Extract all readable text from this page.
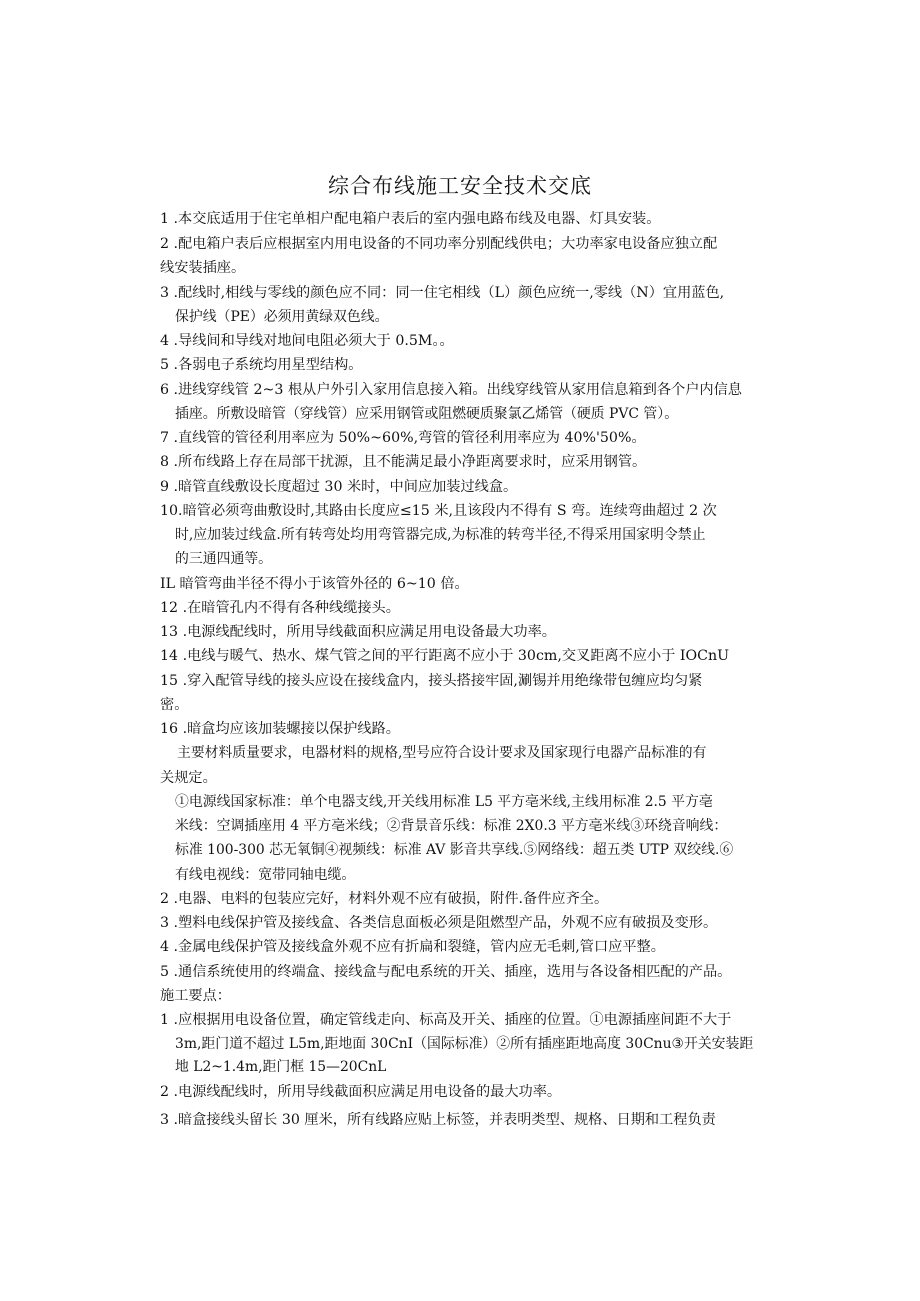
综合布线施工安全技术交底
1 .本交底适用于住宅单相户配电箱户表后的室内强电路布线及电器、灯具安装。
2 .配电箱户表后应根据室内用电设备的不同功率分别配线供电；大功率家电设备应独立配
线安装插座。
3 .配线时,相线与零线的颜色应不同：同一住宅相线（L）颜色应统一,零线（N）宜用蓝色,
保护线（PE）必须用黄绿双色线。
4 .导线间和导线对地间电阻必须大于 0.5M。。
5 .各弱电子系统均用星型结构。
6 .进线穿线管 2~3 根从户外引入家用信息接入箱。出线穿线管从家用信息箱到各个户内信息
插座。所敷设暗管（穿线管）应采用钢管或阻燃硬质聚氯乙烯管（硬质 PVC 管）。
7 .直线管的管径利用率应为 50%~60%,弯管的管径利用率应为 40%'50%。
8 .所布线路上存在局部干扰源，且不能满足最小净距离要求时，应采用钢管。
9 .暗管直线敷设长度超过 30 米时，中间应加装过线盒。
10.暗管必须弯曲敷设时,其路由长度应≤15 米,且该段内不得有 S 弯。连续弯曲超过 2 次
时,应加装过线盒.所有转弯处均用弯管器完成,为标准的转弯半径,不得采用国家明令禁止
的三通四通等。
IL 暗管弯曲半径不得小于该管外径的 6~10 倍。
12 .在暗管孔内不得有各种线缆接头。
13 .电源线配线时，所用导线截面积应满足用电设备最大功率。
14 .电线与暖气、热水、煤气管之间的平行距离不应小于 30cm,交叉距离不应小于 IOCnU
15 .穿入配管导线的接头应设在接线盒内，接头搭接牢固,涮锡并用绝缘带包缠应均匀紧
密。
16 .暗盒均应该加装螺接以保护线路。
主要材料质量要求，电器材料的规格,型号应符合设计要求及国家现行电器产品标准的有
关规定。
①电源线国家标准：单个电器支线,开关线用标准 L5 平方亳米线,主线用标准 2.5 平方亳
米线：空调插座用 4 平方亳米线；②背景音乐线：标准 2X0.3 平方亳米线③环绕音响线：
标准 100-300 芯无氧铜④视频线：标准 AV 影音共享线.⑤网络线：超五类 UTP 双绞线.⑥
有线电视线：宽带同轴电缆。
2 .电器、电料的包装应完好，材料外观不应有破损，附件.备件应齐全。
3 .塑料电线保护管及接线盒、各类信息面板必须是阻燃型产品，外观不应有破损及变形。
4 .金属电线保护管及接线盒外观不应有折扁和裂缝，管内应无毛刺,管口应平整。
5 .通信系统使用的终端盒、接线盒与配电系统的开关、插座，选用与各设备相匹配的产品。
施工要点：
1 .应根据用电设备位置，确定管线走向、标高及开关、插座的位置。①电源插座间距不大于
3m,距门道不超过 L5m,距地面 30CnI（国际标准）②所有插座距地高度 30Cnu③开关安装距
地 L2~1.4m,距门框 15—20CnL
2 .电源线配线时，所用导线截面积应满足用电设备的最大功率。
3 .暗盒接线头留长 30 厘米，所有线路应贴上标签，并表明类型、规格、日期和工程负责
